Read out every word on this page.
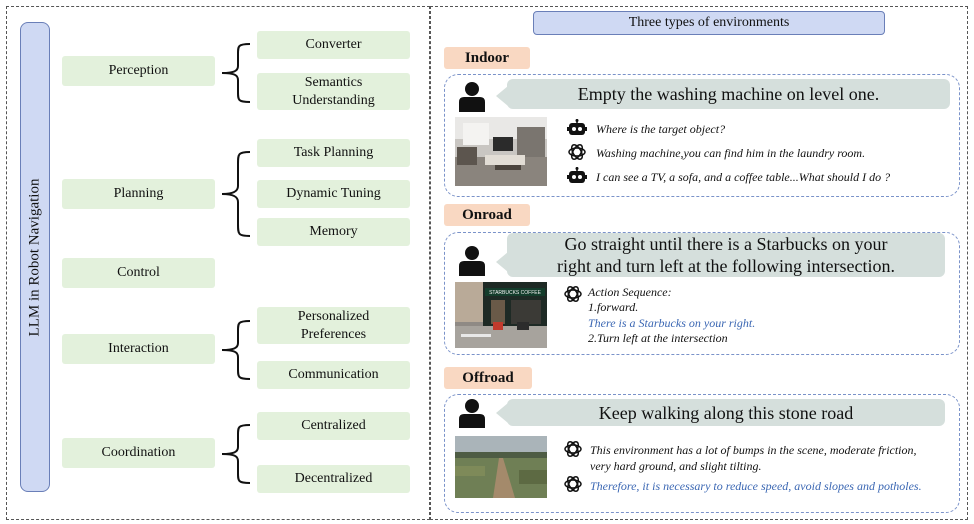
LLM in Robot Navigation
Perception
Planning
Control
Interaction
Coordination
Converter
Semantics Understanding
Task Planning
Dynamic Tuning
Memory
Personalized Preferences
Communication
Centralized
Decentralized
Three types of environments
Indoor
Empty the washing machine on level one.
Where is the target object?
Washing machine,you can find him in the laundry room.
I can see a TV, a sofa, and a coffee table...What should I do ?
Onroad
Go straight until there is a Starbucks on your
right and turn left at the following intersection.
STARBUCKS COFFEE	Action Sequence:
1.forward.
There is a Starbucks on your right.
2.Turn left at the intersection
Offroad
Keep walking along this stone road
This environment has a lot of bumps in the scene, moderate friction,
very hard ground, and slight tilting.
Therefore, it is necessary to reduce speed, avoid slopes and potholes.
